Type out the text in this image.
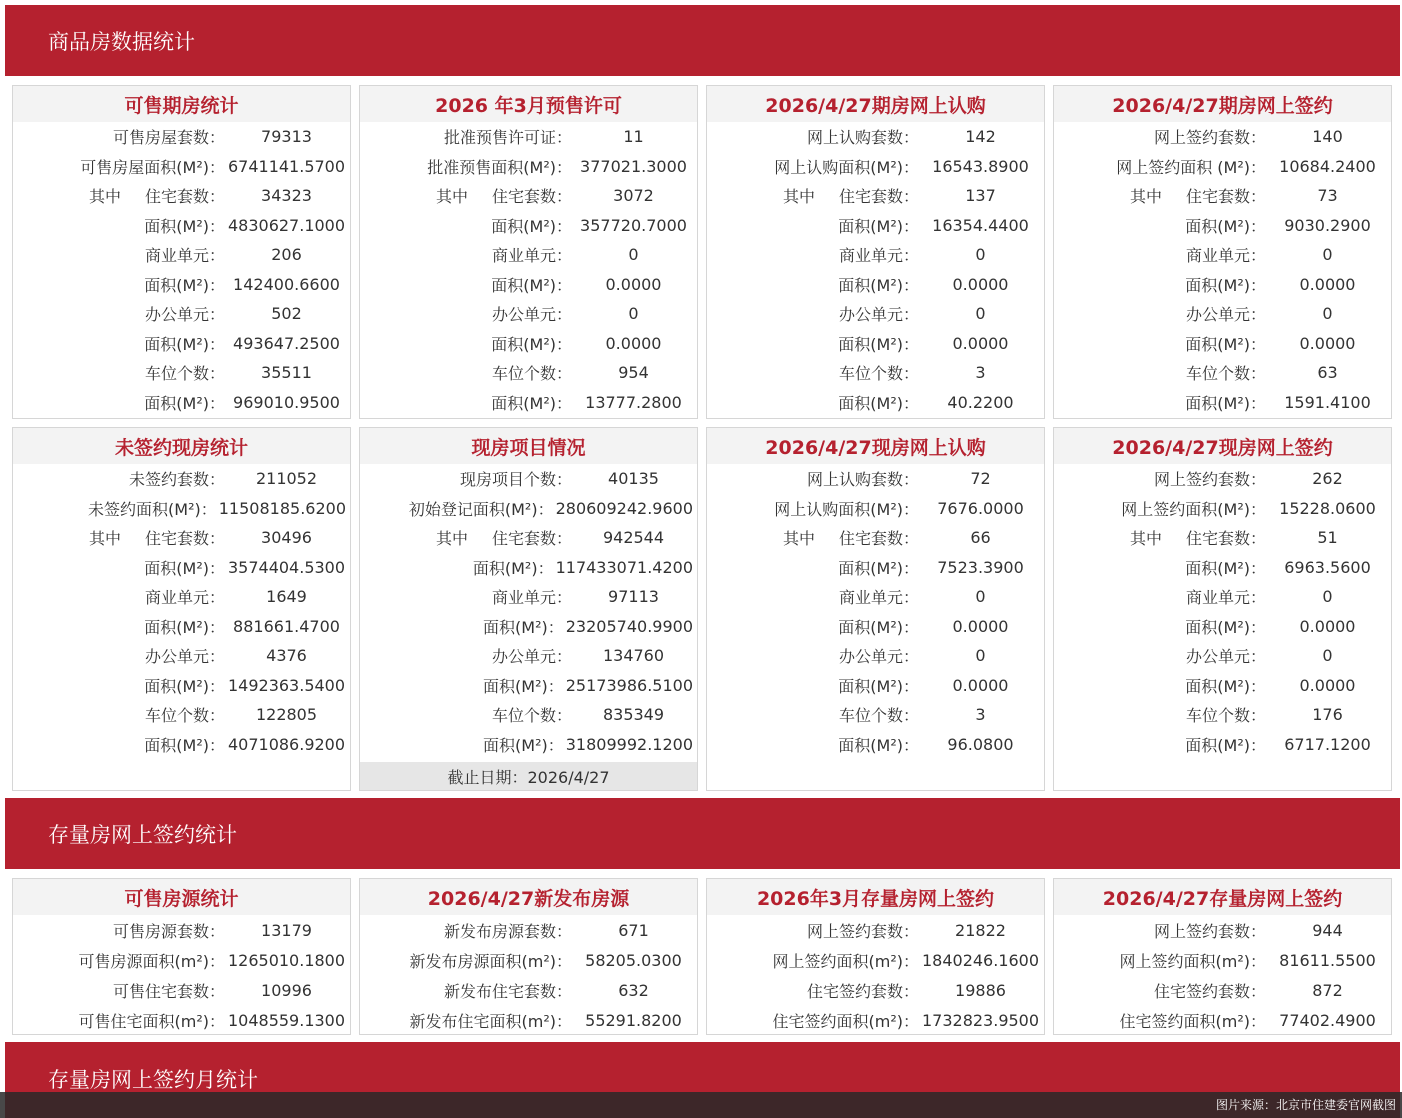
商品房数据统计
可售期房统计
可售房屋套数：	79313
可售房屋面积(M²)： 6741141.5700
其中 住宅套数：	34323
面积(M²)： 4830627.1000
商业单元：	206
面积(M²)： 142400.6600
办公单元：	502
面积(M²)： 493647.2500
车位个数：	35511
面积(M²)： 969010.9500
2026 年3月预售许可
批准预售许可证：	11
批准预售面积(M²)： 377021.3000
其中 住宅套数：	3072
面积(M²)： 357720.7000
商业单元：	0
面积(M²)：	0.0000
办公单元：	0
面积(M²)：	0.0000
车位个数：	954
面积(M²)： 13777.2800
2026/4/27期房网上认购
网上认购套数：	142
网上认购面积(M²)： 16543.8900
其中 住宅套数：	137
面积(M²)： 16354.4400
商业单元：	0
面积(M²)：	0.0000
办公单元：	0
面积(M²)：	0.0000
车位个数：	3
面积(M²)：	40.2200
2026/4/27期房网上签约
网上签约套数：	140
网上签约面积 (M²)： 10684.2400
其中 住宅套数：	73
面积(M²)：	9030.2900
商业单元：	0
面积(M²)：	0.0000
办公单元：	0
面积(M²)：	0.0000
车位个数：	63
面积(M²)：	1591.4100
未签约现房统计
未签约套数：	211052
未签约面积(M²)： 11508185.6200
其中 住宅套数：	30496
面积(M²)： 3574404.5300
商业单元：	1649
面积(M²)： 881661.4700
办公单元：	4376
面积(M²)： 1492363.5400
车位个数：	122805
面积(M²)： 4071086.9200
现房项目情况
现房项目个数：	40135
初始登记面积(M²)： 280609242.9600
其中 住宅套数：	942544
面积(M²)： 117433071.4200
商业单元：	97113
面积(M²)： 23205740.9900
办公单元：	134760
面积(M²)： 25173986.5100
车位个数：	835349
面积(M²)： 31809992.1200
截止日期：2026/4/27
2026/4/27现房网上认购
网上认购套数：	72
网上认购面积(M²)：	7676.0000
其中 住宅套数：	66
面积(M²)：	7523.3900
商业单元：	0
面积(M²)：	0.0000
办公单元：	0
面积(M²)：	0.0000
车位个数：	3
面积(M²)：	96.0800
2026/4/27现房网上签约
网上签约套数：	262
网上签约面积(M²)： 15228.0600
其中 住宅套数：	51
面积(M²)：	6963.5600
商业单元：	0
面积(M²)：	0.0000
办公单元：	0
面积(M²)：	0.0000
车位个数：	176
面积(M²)：	6717.1200
存量房网上签约统计
可售房源统计
可售房源套数：	13179
可售房源面积(m²)： 1265010.1800
可售住宅套数：	10996
可售住宅面积(m²)： 1048559.1300
2026/4/27新发布房源
新发布房源套数：	671
新发布房源面积(m²)： 58205.0300
新发布住宅套数：	632
新发布住宅面积(m²)： 55291.8200
2026年3月存量房网上签约
网上签约套数：	21822
网上签约面积(m²)： 1840246.1600
住宅签约套数：	19886
住宅签约面积(m²)： 1732823.9500
2026/4/27存量房网上签约
网上签约套数：	944
网上签约面积(m²)： 81611.5500
住宅签约套数：	872
住宅签约面积(m²)： 77402.4900
存量房网上签约月统计
图片来源：北京市住建委官网截图
